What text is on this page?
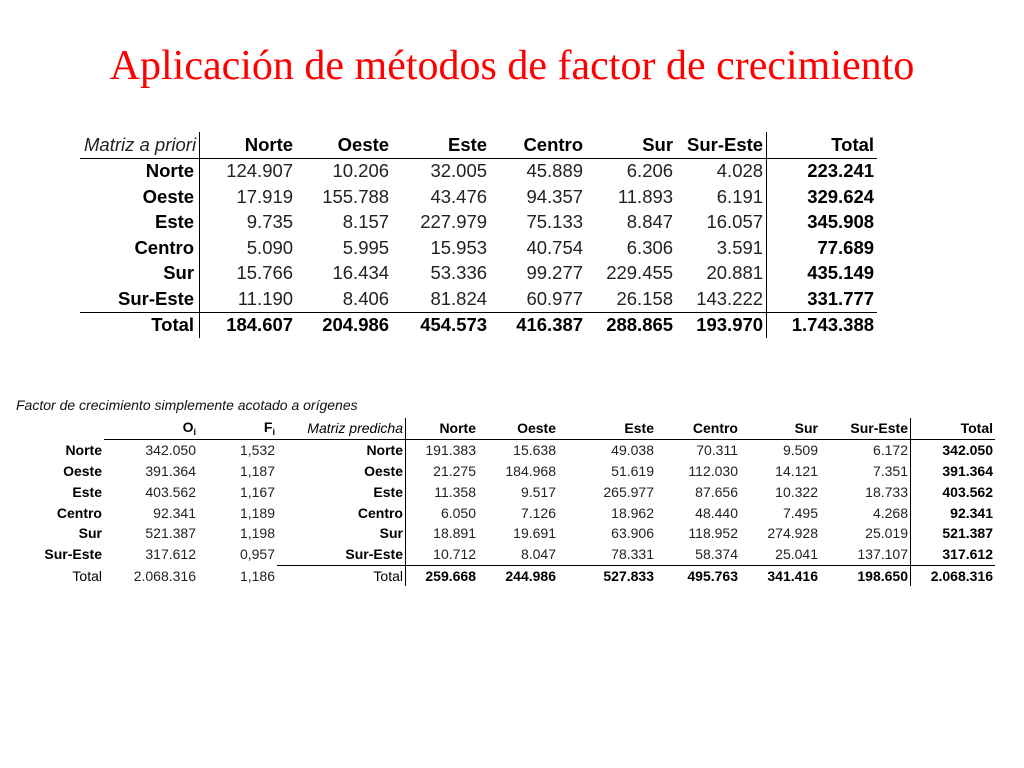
Aplicación de métodos de factor de crecimiento
Matriz a priori	Norte	Oeste	Este	Centro	Sur	Sur-Este	Total
Norte	124.907	10.206	32.005	45.889	6.206	4.028	223.241
Oeste	17.919	155.788	43.476	94.357	11.893	6.191	329.624
Este	9.735	8.157	227.979	75.133	8.847	16.057	345.908
Centro	5.090	5.995	15.953	40.754	6.306	3.591	77.689
Sur	15.766	16.434	53.336	99.277	229.455	20.881	435.149
Sur-Este	11.190	8.406	81.824	60.977	26.158	143.222	331.777
Total	184.607	204.986	454.573	416.387	288.865	193.970	1.743.388

Factor de crecimiento simplemente acotado a orígenes

	$O_i$	$F_i$	Matriz predicha	Norte	Oeste	Este	Centro	Sur	Sur-Este	Total
Norte	342.050	1,532	Norte	191.383	15.638	49.038	70.311	9.509	6.172	342.050
Oeste	391.364	1,187	Oeste	21.275	184.968	51.619	112.030	14.121	7.351	391.364
Este	403.562	1,167	Este	11.358	9.517	265.977	87.656	10.322	18.733	403.562
Centro	92.341	1,189	Centro	6.050	7.126	18.962	48.440	7.495	4.268	92.341
Sur	521.387	1,198	Sur	18.891	19.691	63.906	118.952	274.928	25.019	521.387
Sur-Este	317.612	0,957	Sur-Este	10.712	8.047	78.331	58.374	25.041	137.107	317.612
Total	2.068.316	1,186	Total	259.668	244.986	527.833	495.763	341.416	198.650	2.068.316
